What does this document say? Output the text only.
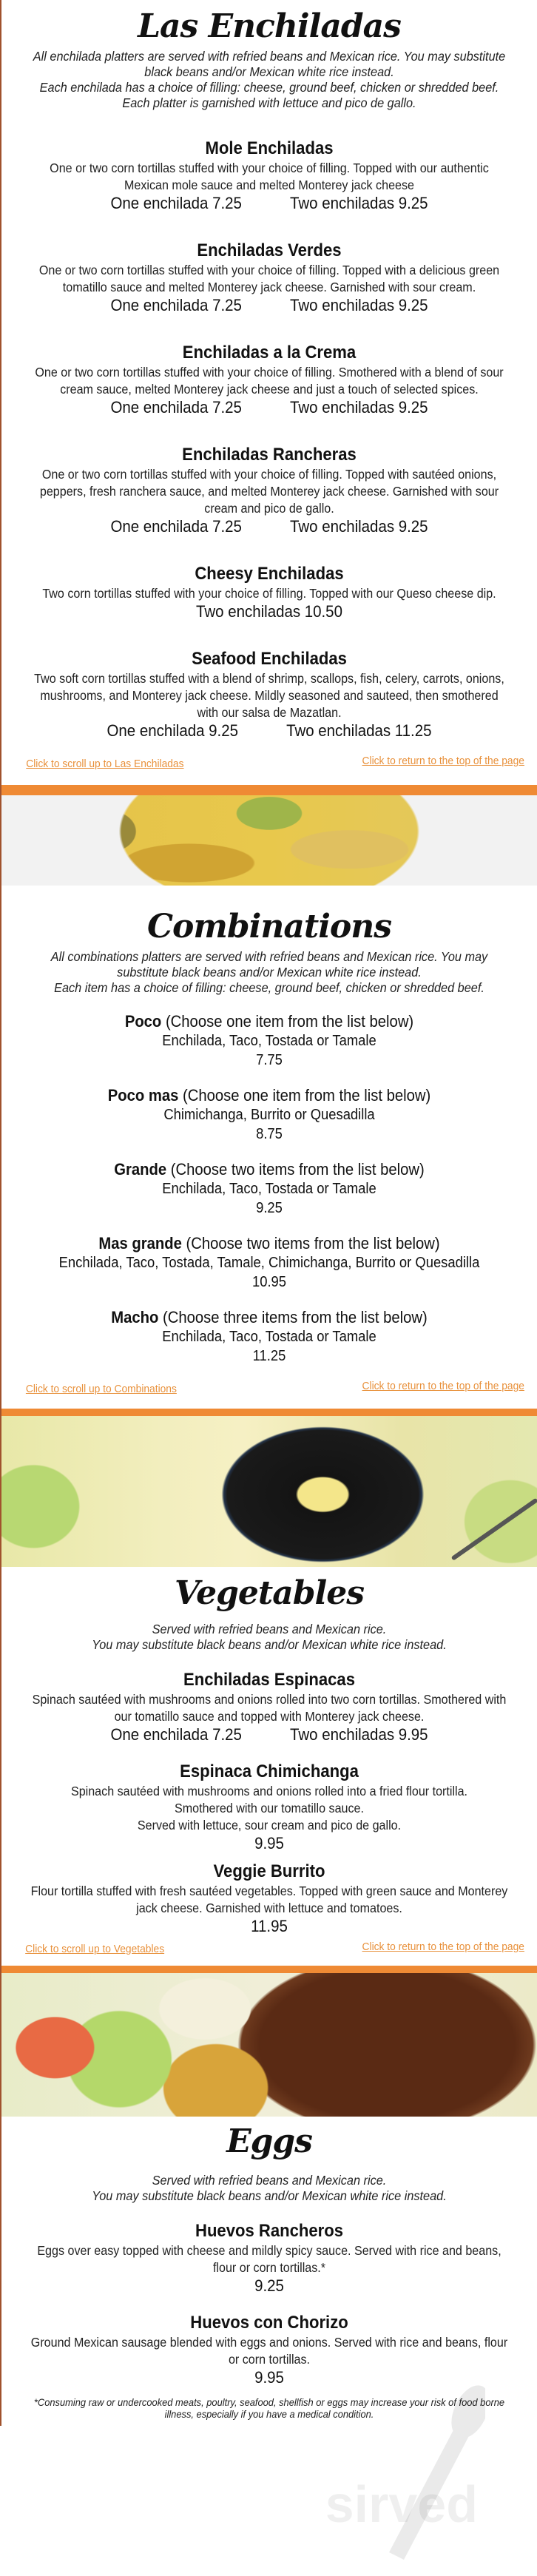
Las Enchiladas
All enchilada platters are served with refried beans and Mexican rice. You may substitute black beans and/or Mexican white rice instead.
Each enchilada has a choice of filling: cheese, ground beef, chicken or shredded beef.
Each platter is garnished with lettuce and pico de gallo.
Mole Enchiladas
One or two corn tortillas stuffed with your choice of filling. Topped with our authentic Mexican mole sauce and melted Monterey jack cheese
One enchilada 7.25	Two enchiladas 9.25
Enchiladas Verdes
One or two corn tortillas stuffed with your choice of filling. Topped with a delicious green tomatillo sauce and melted Monterey jack cheese. Garnished with sour cream.
One enchilada 7.25	Two enchiladas 9.25
Enchiladas a la Crema
One or two corn tortillas stuffed with your choice of filling. Smothered with a blend of sour cream sauce, melted Monterey jack cheese and just a touch of selected spices.
One enchilada 7.25	Two enchiladas 9.25
Enchiladas Rancheras
One or two corn tortillas stuffed with your choice of filling. Topped with sautéed onions, peppers, fresh ranchera sauce, and melted Monterey jack cheese. Garnished with sour cream and pico de gallo.
One enchilada 7.25	Two enchiladas 9.25
Cheesy Enchiladas
Two corn tortillas stuffed with your choice of filling. Topped with our Queso cheese dip.
Two enchiladas 10.50
Seafood Enchiladas
Two soft corn tortillas stuffed with a blend of shrimp, scallops, fish, celery, carrots, onions, mushrooms, and Monterey jack cheese. Mildly seasoned and sauteed, then smothered with our salsa de Mazatlan.
One enchilada 9.25	Two enchiladas 11.25
Click to scroll up to Las Enchiladas	Click to return to the top of the page
Combinations
All combinations platters are served with refried beans and Mexican rice. You may substitute black beans and/or Mexican white rice instead.
Each item has a choice of filling: cheese, ground beef, chicken or shredded beef.
Poco (Choose one item from the list below)
Enchilada, Taco, Tostada or Tamale
7.75
Poco mas (Choose one item from the list below)
Chimichanga, Burrito or Quesadilla
8.75
Grande (Choose two items from the list below)
Enchilada, Taco, Tostada or Tamale
9.25
Mas grande (Choose two items from the list below)
Enchilada, Taco, Tostada, Tamale, Chimichanga, Burrito or Quesadilla
10.95
Macho (Choose three items from the list below)
Enchilada, Taco, Tostada or Tamale
11.25
Click to scroll up to Combinations	Click to return to the top of the page
Vegetables
Served with refried beans and Mexican rice.
You may substitute black beans and/or Mexican white rice instead.
Enchiladas Espinacas
Spinach sautéed with mushrooms and onions rolled into two corn tortillas. Smothered with our tomatillo sauce and topped with Monterey jack cheese.
One enchilada 7.25	Two enchiladas 9.95
Espinaca Chimichanga
Spinach sautéed with mushrooms and onions rolled into a fried flour tortilla.
Smothered with our tomatillo sauce.
Served with lettuce, sour cream and pico de gallo.
9.95
Veggie Burrito
Flour tortilla stuffed with fresh sautéed vegetables. Topped with green sauce and Monterey jack cheese. Garnished with lettuce and tomatoes.
11.95
Click to scroll up to Vegetables	Click to return to the top of the page
Eggs
Served with refried beans and Mexican rice.
You may substitute black beans and/or Mexican white rice instead.
Huevos Rancheros
Eggs over easy topped with cheese and mildly spicy sauce. Served with rice and beans, flour or corn tortillas.*
9.25
Huevos con Chorizo
Ground Mexican sausage blended with eggs and onions. Served with rice and beans, flour or corn tortillas.
9.95
*Consuming raw or undercooked meats, poultry, seafood, shellfish or eggs may increase your risk of food borne illness, especially if you have a medical condition.
sirved
